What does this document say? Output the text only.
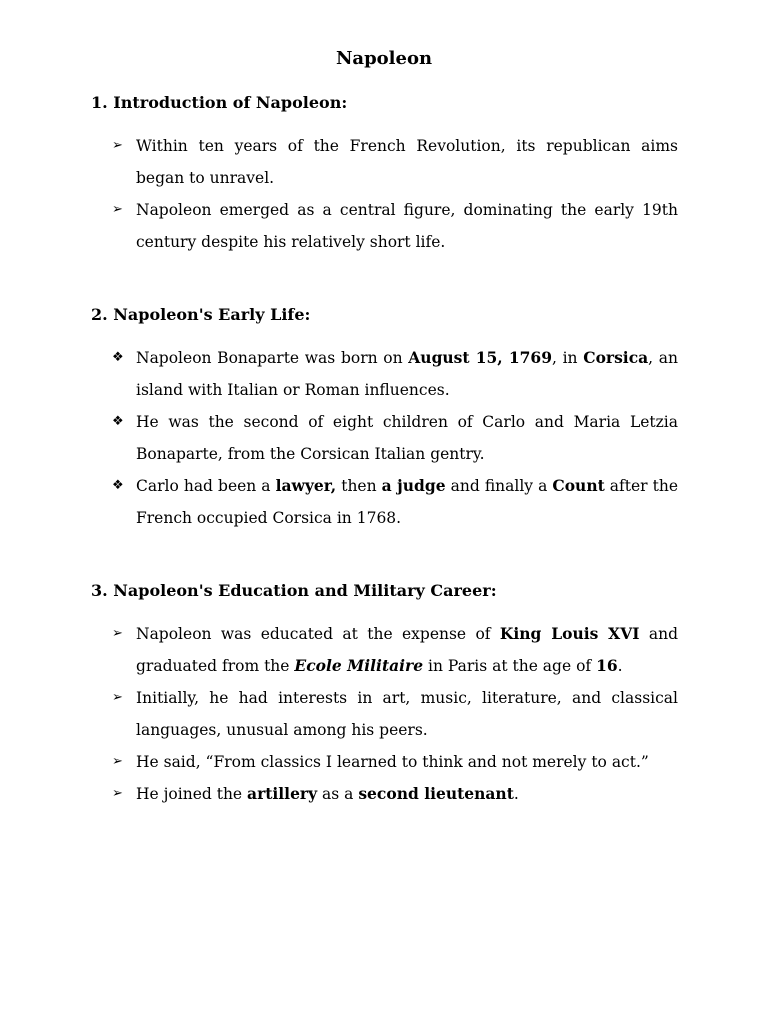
Napoleon
1. Introduction of Napoleon:
➢ Within ten years of the French Revolution, its republican aims began to unravel.
➢ Napoleon emerged as a central figure, dominating the early 19th century despite his relatively short life.
2. Napoleon's Early Life:
❖ Napoleon Bonaparte was born on August 15, 1769, in Corsica, an island with Italian or Roman influences.
❖ He was the second of eight children of Carlo and Maria Letzia Bonaparte, from the Corsican Italian gentry.
❖ Carlo had been a lawyer, then a judge and finally a Count after the French occupied Corsica in 1768.
3. Napoleon's Education and Military Career:
➢ Napoleon was educated at the expense of King Louis XVI and graduated from the Ecole Militaire in Paris at the age of 16.
➢ Initially, he had interests in art, music, literature, and classical languages, unusual among his peers.
➢ He said, “From classics I learned to think and not merely to act.”
➢ He joined the artillery as a second lieutenant.
